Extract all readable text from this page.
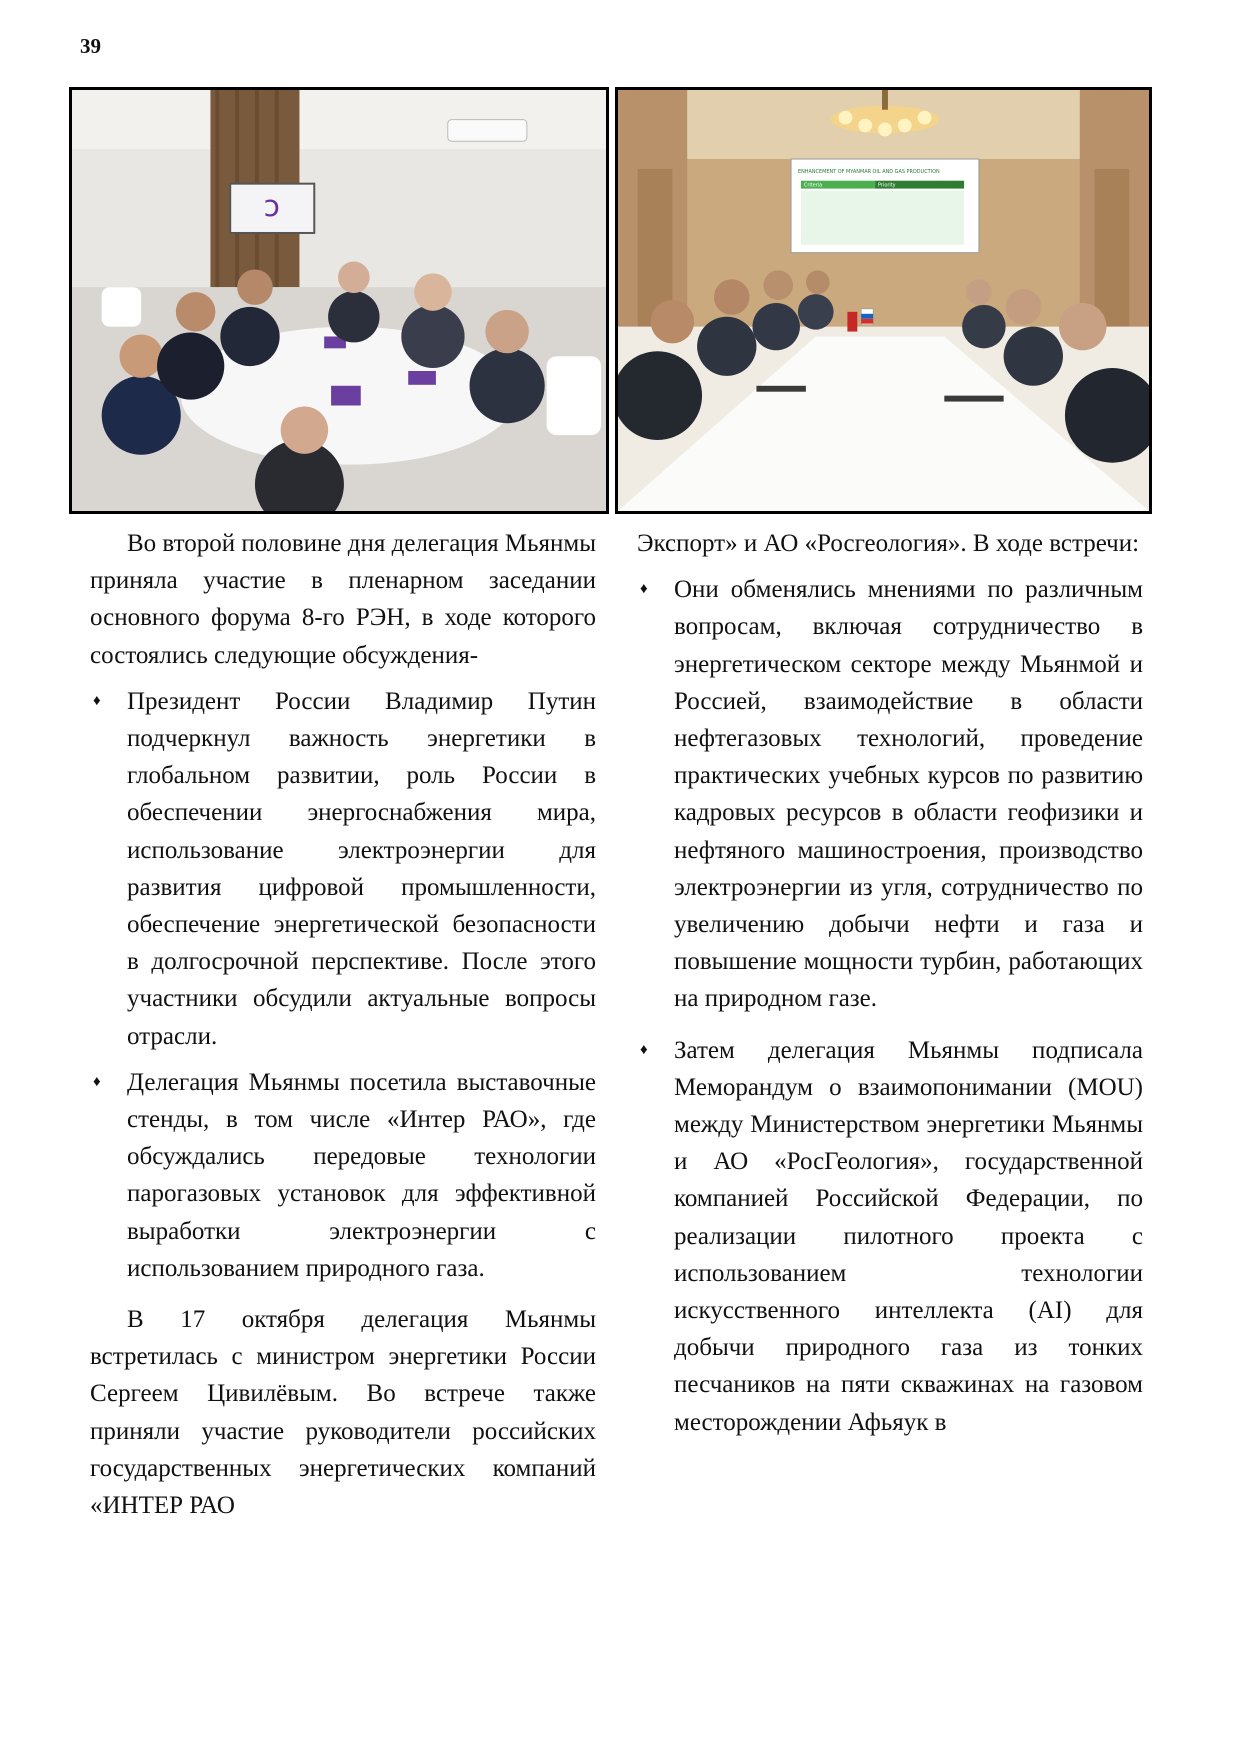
39
ↄ
ENHANCEMENT OF MYANMAR OIL AND GAS PRODUCTION
Criteria	Priority

Во второй половине дня делегация Мьянмы приняла участие в пленарном заседании основного форума 8-го РЭН, в ходе которого состоялись следующие обсуждения-

♦ Президент России Владимир Путин подчеркнул важность энергетики в глобальном развитии, роль России в обеспечении энергоснабжения мира, использование электроэнергии для развития цифровой промышленности, обеспечение энергетической безопасности в долгосрочной перспективе. После этого участники обсудили актуальные вопросы отрасли.
♦ Делегация Мьянмы посетила выставочные стенды, в том числе «Интер РАО», где обсуждались передовые технологии парогазовых установок для эффективной выработки электроэнергии с использованием природного газа.

В 17 октября делегация Мьянмы встретилась с министром энергетики России Сергеем Цивилёвым. Во встрече также приняли участие руководители российских государственных энергетических компаний «ИНТЕР РАО

Экспорт» и АО «Росгеология». В ходе встречи:

♦ Они обменялись мнениями по различным вопросам, включая сотрудничество в энергетическом секторе между Мьянмой и Россией, взаимодействие в области нефтегазовых технологий, проведение практических учебных курсов по развитию кадровых ресурсов в области геофизики и нефтяного машиностроения, производство электроэнергии из угля, сотрудничество по увеличению добычи нефти и газа и повышение мощности турбин, работающих на природном газе.
♦ Затем делегация Мьянмы подписала Меморандум о взаимопонимании (MOU) между Министерством энергетики Мьянмы и АО «РосГеология», государственной компанией Российской Федерации, по реализации пилотного проекта с использованием технологии искусственного интеллекта (AI) для добычи природного газа из тонких песчаников на пяти скважинах на газовом месторождении Афьяук в
